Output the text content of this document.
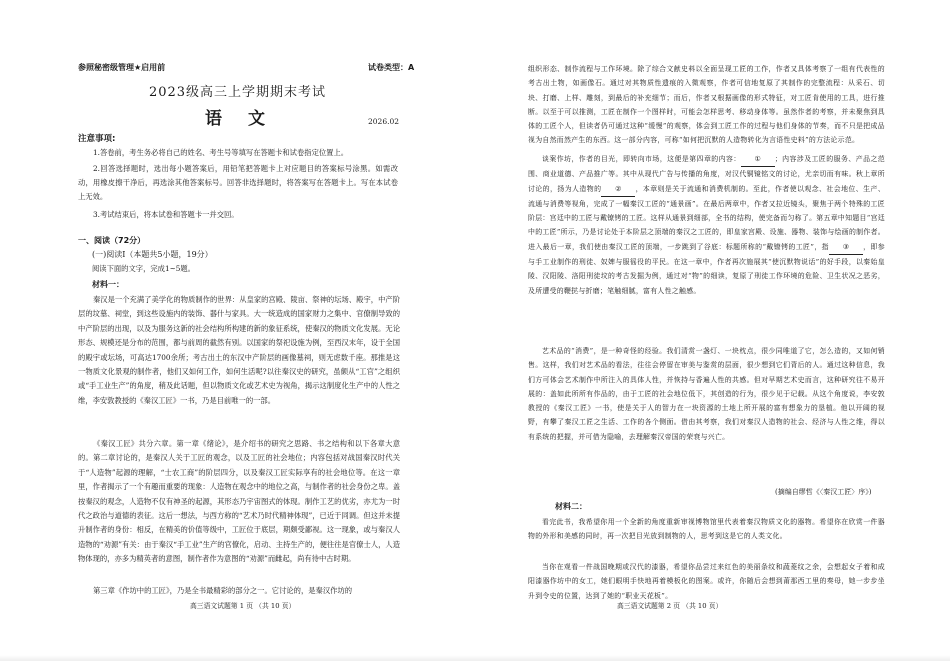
参照秘密级管理★启用前	试卷类型：A
2023级高三上学期期末考试
语文	2026.02
注意事项:

1.答卷前，考生务必将自己的姓名、考生号等填写在答题卡和试卷指定位置上。

2.回答选择题时，选出每小题答案后，用铅笔把答题卡上对应题目的答案标号涂黑。如需改动，用橡皮擦干净后，再选涂其他答案标号。回答非选择题时，将答案写在答题卡上。写在本试卷上无效。

3.考试结束后，将本试卷和答题卡一并交回。

一、阅读（72分）
(一)阅读Ⅰ（本题共5小题，19分）
阅读下面的文字，完成1~5题。
材料一：

秦汉是一个充满了美学化的物质制作的世界：从皇家的宫殿、陵亩、祭神的坛场、殿宇，中产阶层的坟墓、祠堂，到这些设施内的装饰、器什与家具。大一统造成的国家财力之集中、官僚制导致的中产阶层的出现，以及为服务这新的社会结构所构建的新的象征系统，使秦汉的物质文化发展。无论形态、规模还是分布的范围，都与前周的截然有别。以国家的祭祀设施为例，至西汉末年，设于全国的殿宇或坛场，可高达1700余所；考古出土的东汉中产阶层的画像墓祠，则无虑数千座。那推是这一物质文化景观的制作者，他们又如何工作，如何生活呢?以往秦汉史的研究，虽颇从“工官”之组织或“手工业生产”的角度，稍及此话题，但以物质文化或艺术史为视角，揭示这制度化生产中的人性之维，李安敦教授的《秦汉工匠》一书，乃是目前唯一的一部。

《秦汉工匠》共分六章。第一章《绪论》，是介绍书的研究之思路、书之结构和以下各章大意的。第二章讨论的，是秦汉人关于工匠的观念，以及工匠的社会地位；内容包括对战国秦汉时代关于“人造物”起源的理解，“士农工商”的阶层四分，以及秦汉工匠实际享有的社会地位等。在这一章里，作者揭示了一个有趣而重要的现象：人造物在观念中的地位之高，与制作者的社会身份之卑。盖按秦汉的观念，人造物不仅有神圣的起源，其形态乃宇宙图式的体现。制作工艺的优劣，亦尤为一时代之政治与道德的表征。这后一想法，与西方称的“艺术乃时代精神体现”，已近于同调。但这并未提升制作者的身份：相反，在精美的价值等级中，工匠位于底层，期颇受鄙视。这一现象，或与秦汉人造物的“劝源”有关：由于秦汉“手工业”生产的官僚化，启动、主持生产的，便往往是官僚士人，人造物体现的，亦多为精英者的意图，制作者作为意图的“劝源”而雌起，尚有待中古时期。

第三章《作坊中的工匠》，乃是全书最精彩的部分之一。它讨论的，是秦汉作坊的

高三语文试题第 1 页 （共 10 页）

组织形态、制作流程与工作环境。除了综合文献史料以全面呈现工匠的工作，作者又具体考察了一组有代表性的考古出土物，如画像石。通过对其物质性遗痕的入微观察，作者可信地复原了其制作的完整流程：从采石、切块、打磨、上样、雕刻，到最后的补充细节；而后，作者又根据画像的形式特征，对工匠肯使用的工具，进行推断。以至于可以推测，工匠在制作一个图样时，可能会怎样思考、移动身体等。虽然作者的考察，并未聚焦到具体的工匠个人，但读者仍可通过这种“缓慢”的观察，体会到工匠工作的过程与他们身体的节奏，而不只是把成品视为自然而然产生的东西。这一部分内容，可称“如何把沉默的人造物转化为言语性史料”的方法论示范。

谈案作坊，作者的目光，即转向市场，这便是第四章的内容： ① ；内容涉及工匠的服务、产品之范围、商业道德、产品推广等。其中从现代广告与传播的角度，对汉代铜镜铭文的讨论，尤亲切而有味。秋上章所讨论的，扬为人造物的 ② ，本章则是关于流通和消费机制的。至此，作者使以观念、社会地位、生产、流通与消费等视角，完成了一幅秦汉工匠的“通景画”。在最后两章中，作者又拉近镜头，聚焦于两个特殊的工匠阶层：宫廷中的工匠与戴镣铐的工匠。这样从通景到细部，全书的结构，使完备而匀称了。第五章中知题目“宫廷中的工匠”所示，乃是讨论处于本阶层之顶端的秦汉之工匠的，即皇家宫殿、设施、器物、装饰与绘画的制作者。进入最后一章，我们使由秦汉工匠的顶端，一步跳到了谷底：标题所称的“戴镣铐的工匠”，指 ③ ，即参与手工业制作的刑徒、奴婢与服徭役的平民。在这一章中，作者再次施展其“使沉默物说话”的好手段，以秦始皇陵、汉阳陵、洛阳刑徒坟的考古发掘为例，通过对“物”的细读，复原了刑徒工作环境的危险、卫生状况之恶劣，及所遭受的鞭挞与折磨；笔触细腻，富有人性之触感。

艺术品的“消费”，是一种奇怪的经验。我们清赏一盏灯、一块枕点，很少同唯道了它，怎么造的，又如何销售。这样，我们对艺术品的看法，往往会停留在审美与鉴赏的层面，很少想到它们背后的人。通过这种信息，我们方可体会艺术制作中所注入的具体人性，并恢持与香遍人性的共感。但对早期艺术史而言，这种研究往不易开展的：盖如此所所有作品的，由于工匠的社会地位低下，其创造的行为，很少见于记载。从这个角度说，李安敦教授的《秦汉工匠》一书，使是关于人的智力在一块资源的土地上所开展的富有想象力的垦植。他以开阔的视野，有攀了秦汉工匠之生活、工作的各个侧面。借由其考察，我们对秦汉人造物的社会、经济与人性之维，得以有系统的把握，并可借为隐喻，去理解秦汉帝国的荣衰与兴亡。

(摘编自缪哲《〈秦汉工匠〉序》)
材料二：

看完此书，我希望你用一个全新的角度重新审视博物馆里代表着秦汉物质文化的器物。希望你在欣赏一件器物的外形和美感的同时，再一次把目光放到制物的人，思考到这是它的人类文化。

当你在观看一件战国晚期或汉代的漆器，希望你品尝过来红色的美丽条纹和蔬菱纹之余，会想起女子着和成阳漆器作坊中的女工，她们眼明手快地再着模板化的图案。或许，你随后会想到莆那西工里的奏母，她一步步坐升到令史的位置，达到了她的“职业天花板”。

高三语文试题第 2 页 （共 10 页）
